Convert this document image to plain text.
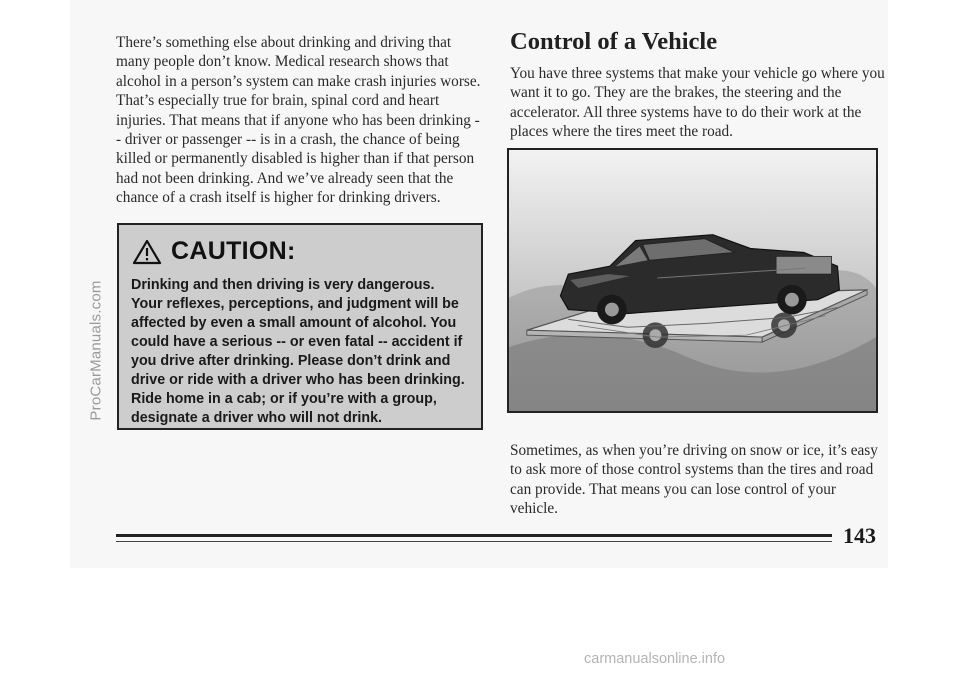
ProCarManuals.com

There’s something else about drinking and driving that many people don’t know. Medical research shows that alcohol in a person’s system can make crash injuries worse. That’s especially true for brain, spinal cord and heart injuries. That means that if anyone who has been drinking -- driver or passenger -- is in a crash, the chance of being killed or permanently disabled is higher than if that person had not been drinking. And we’ve already seen that the chance of a crash itself is higher for drinking drivers.

CAUTION:

Drinking and then driving is very dangerous. Your reflexes, perceptions, and judgment will be affected by even a small amount of alcohol. You could have a serious -- or even fatal -- accident if you drive after drinking. Please don’t drink and drive or ride with a driver who has been drinking. Ride home in a cab; or if you’re with a group, designate a driver who will not drink.

Control of a Vehicle

You have three systems that make your vehicle go where you want it to go. They are the brakes, the steering and the accelerator. All three systems have to do their work at the places where the tires meet the road.

Sometimes, as when you’re driving on snow or ice, it’s easy to ask more of those control systems than the tires and road can provide. That means you can lose control of your vehicle.

143
carmanualsonline.info
